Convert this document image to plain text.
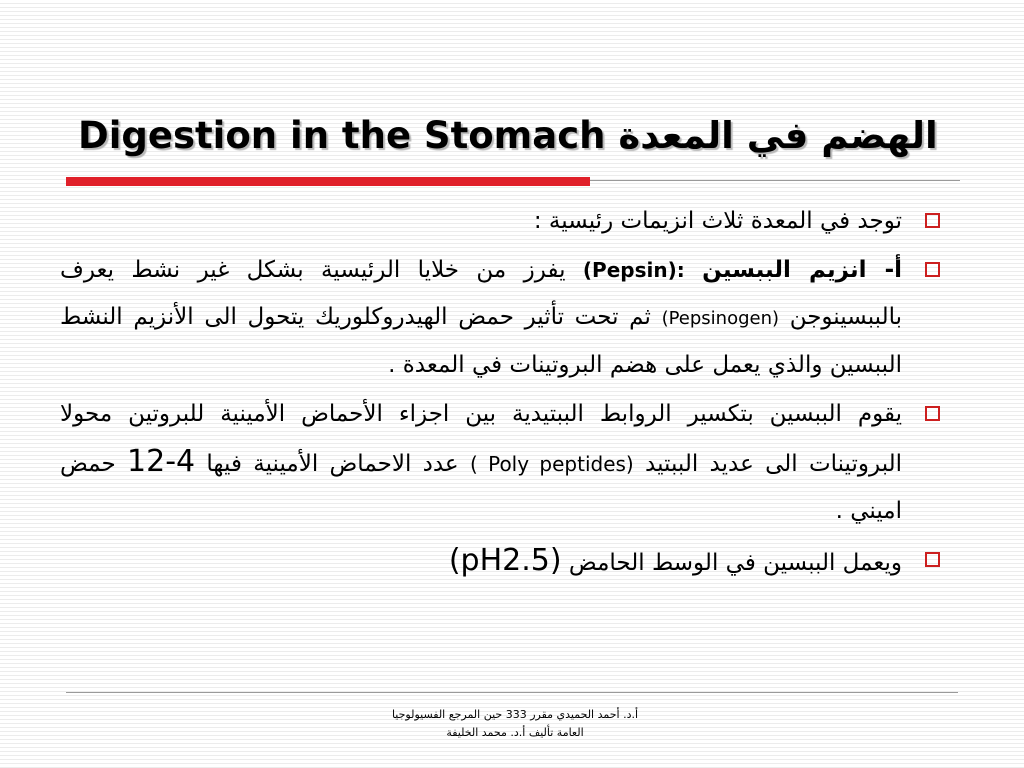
الهضم في المعدة Digestion in the Stomach
توجد في المعدة ثلاث انزيمات رئيسية :
أ- انزيم الببسين (Pepsin): يفرز من خلايا الرئيسية بشكل غير نشط يعرف بالببسينوجن (Pepsinogen) ثم تحت تأثير حمض الهيدروكلوريك يتحول الى الأنزيم النشط الببسين والذي يعمل على هضم البروتينات في المعدة .
يقوم الببسين بتكسير الروابط الببتيدية بين اجزاء الأحماض الأمينية للبروتين محولا البروتينات الى عديد الببتيد ( Poly peptides) عدد الاحماض الأمينية فيها 4-12 حمض اميني .
ويعمل الببسين في الوسط الحامض (pH2.5)
أ.د. أحمد الحميدي مقرر 333 حين المرجع الفسيولوجيا
العامة تأليف أ.د. محمد الخليفة
